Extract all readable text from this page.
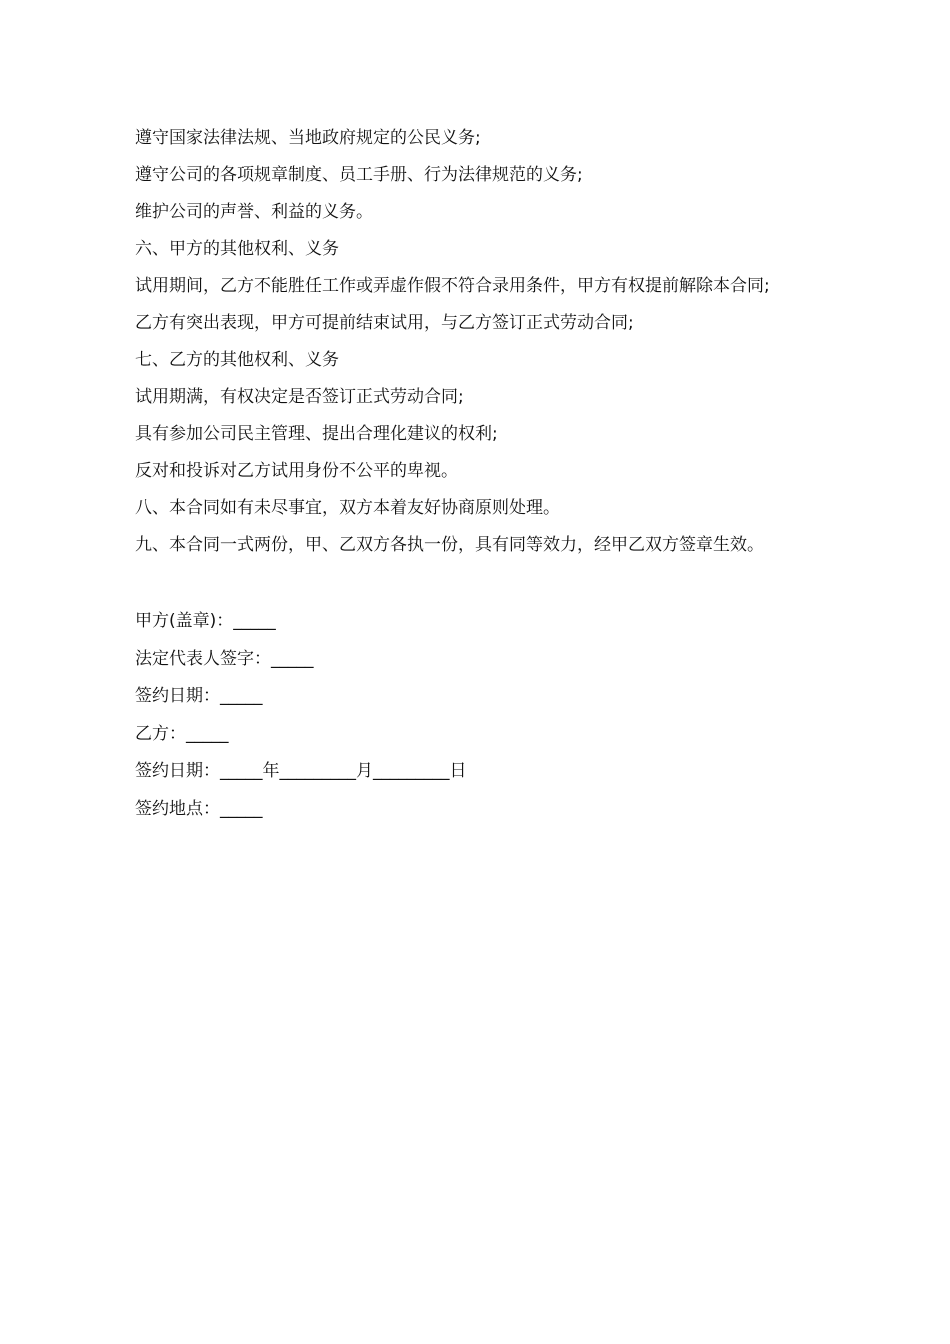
遵守国家法律法规、当地政府规定的公民义务;

遵守公司的各项规章制度、员工手册、行为法律规范的义务;

维护公司的声誉、利益的义务。

六、甲方的其他权利、义务

试用期间，乙方不能胜任工作或弄虚作假不符合录用条件，甲方有权提前解除本合同;

乙方有突出表现，甲方可提前结束试用，与乙方签订正式劳动合同;

七、乙方的其他权利、义务

试用期满，有权决定是否签订正式劳动合同;

具有参加公司民主管理、提出合理化建议的权利;

反对和投诉对乙方试用身份不公平的卑视。

八、本合同如有未尽事宜，双方本着友好协商原则处理。

九、本合同一式两份，甲、乙双方各执一份，具有同等效力，经甲乙双方签章生效。

甲方(盖章)：_____

法定代表人签字：_____

签约日期：_____

乙方：_____

签约日期：_____年_________月_________日

签约地点：_____
